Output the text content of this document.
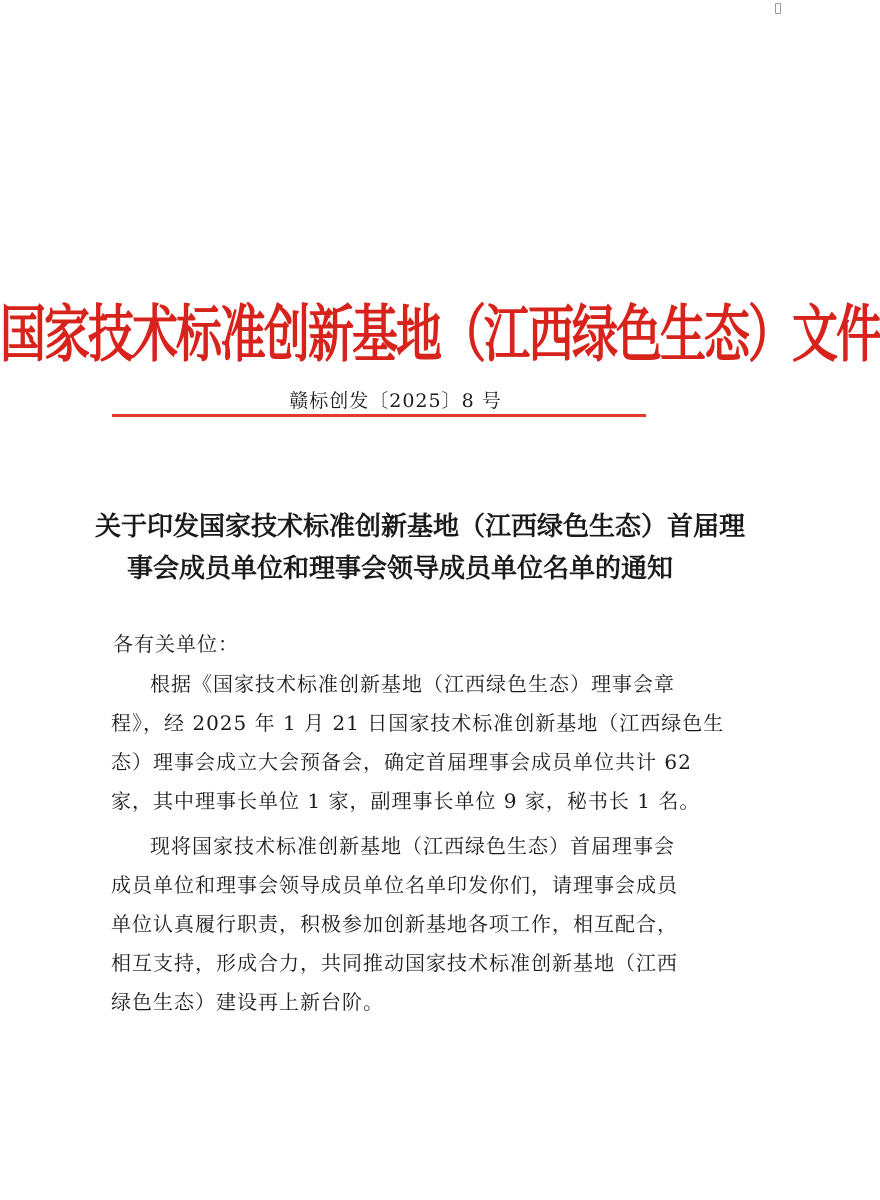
国家技术标准创新基地（江西绿色生态）文件
赣标创发〔2025〕8 号
关于印发国家技术标准创新基地（江西绿色生态）首届理
事会成员单位和理事会领导成员单位名单的通知
各有关单位：
根据《国家技术标准创新基地（江西绿色生态）理事会章
程》，经 2025 年 1 月 21 日国家技术标准创新基地（江西绿色生
态）理事会成立大会预备会，确定首届理事会成员单位共计 62
家，其中理事长单位 1 家，副理事长单位 9 家，秘书长 1 名。
现将国家技术标准创新基地（江西绿色生态）首届理事会
成员单位和理事会领导成员单位名单印发你们，请理事会成员
单位认真履行职责，积极参加创新基地各项工作，相互配合，
相互支持，形成合力，共同推动国家技术标准创新基地（江西
绿色生态）建设再上新台阶。
